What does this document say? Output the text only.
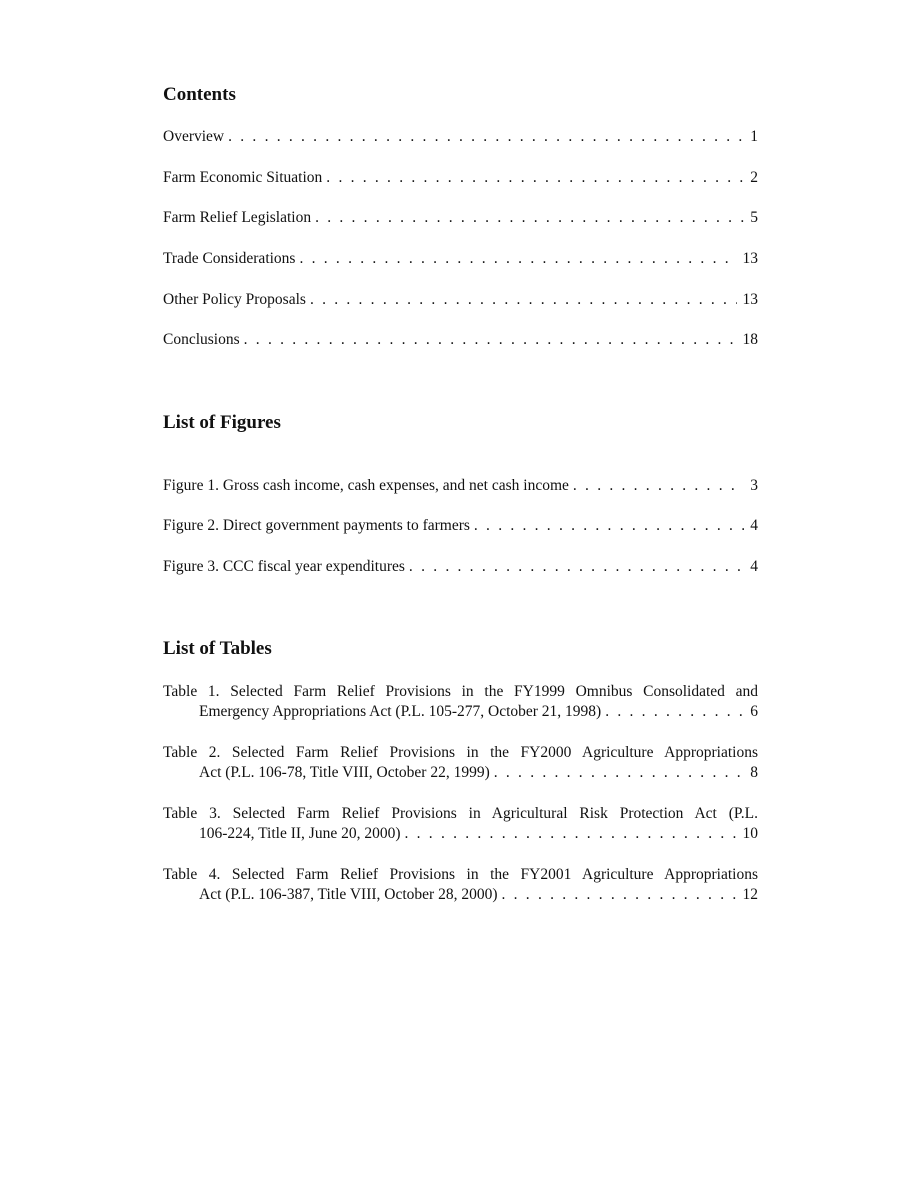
Contents
Overview . . .	1
Farm Economic Situation . . .	2
Farm Relief Legislation . . .	5
Trade Considerations . . .	13
Other Policy Proposals . . .	13
Conclusions . . .	18
List of Figures
Figure 1. Gross cash income, cash expenses, and net cash income . . .	3
Figure 2. Direct government payments to farmers . . .	4
Figure 3. CCC fiscal year expenditures . . .	4
List of Tables
Table 1. Selected Farm Relief Provisions in the FY1999 Omnibus Consolidated and
Emergency Appropriations Act (P.L. 105-277, October 21, 1998) . . .	6
Table 2. Selected Farm Relief Provisions in the FY2000 Agriculture Appropriations
Act (P.L. 106-78, Title VIII, October 22, 1999) . . .	8
Table 3. Selected Farm Relief Provisions in Agricultural Risk Protection Act (P.L.
106-224, Title II, June 20, 2000) . . .	10
Table 4. Selected Farm Relief Provisions in the FY2001 Agriculture Appropriations
Act (P.L. 106-387, Title VIII, October 28, 2000) . . .	12
